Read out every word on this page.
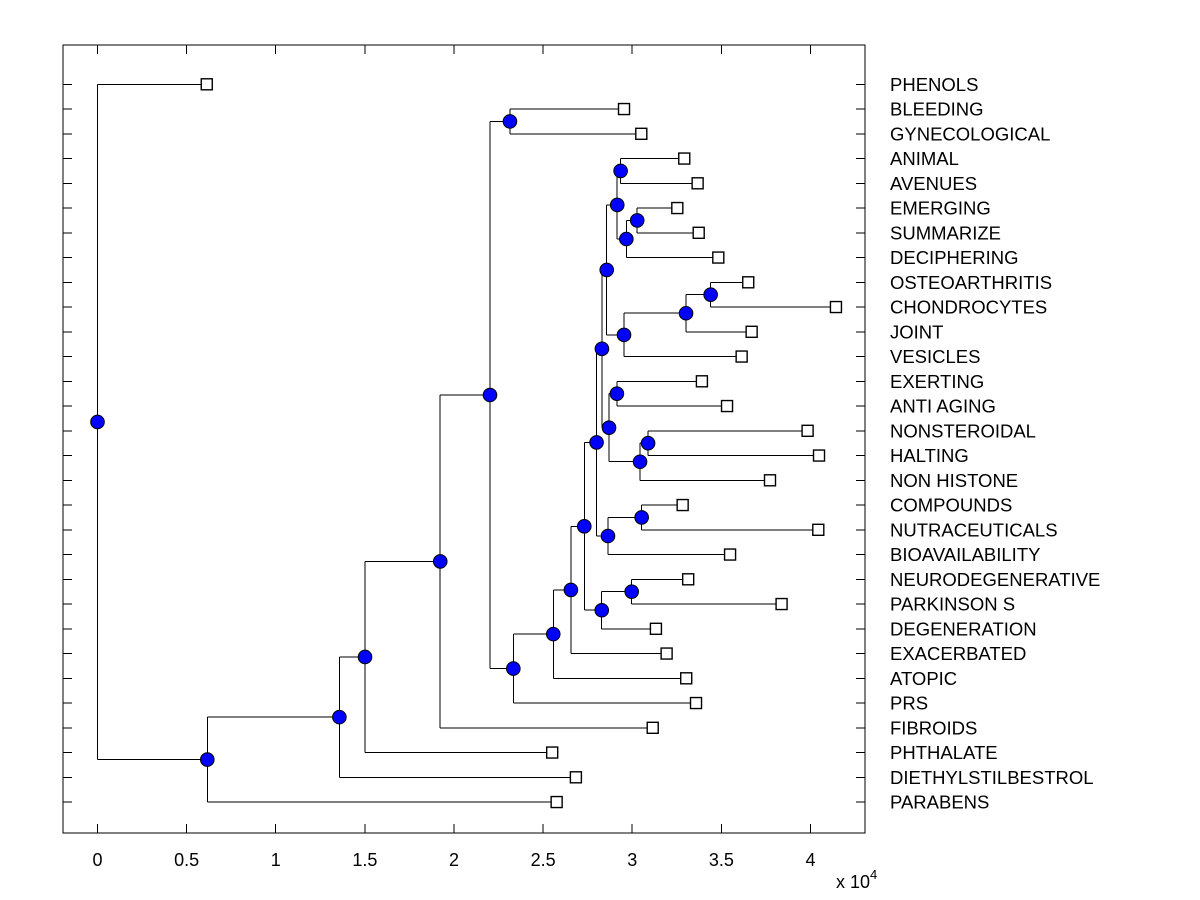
0	0.5	1	1.5	2	2.5	3	3.5	4
x $10^4$
PHENOLS
BLEEDING
GYNECOLOGICAL
ANIMAL
AVENUES
EMERGING
SUMMARIZE
DECIPHERING
OSTEOARTHRITIS
CHONDROCYTES
JOINT
VESICLES
EXERTING
ANTI AGING
NONSTEROIDAL
HALTING
NON HISTONE
COMPOUNDS
NUTRACEUTICALS
BIOAVAILABILITY
NEURODEGENERATIVE
PARKINSON S
DEGENERATION
EXACERBATED
ATOPIC
PRS
FIBROIDS
PHTHALATE
DIETHYLSTILBESTROL
PARABENS
